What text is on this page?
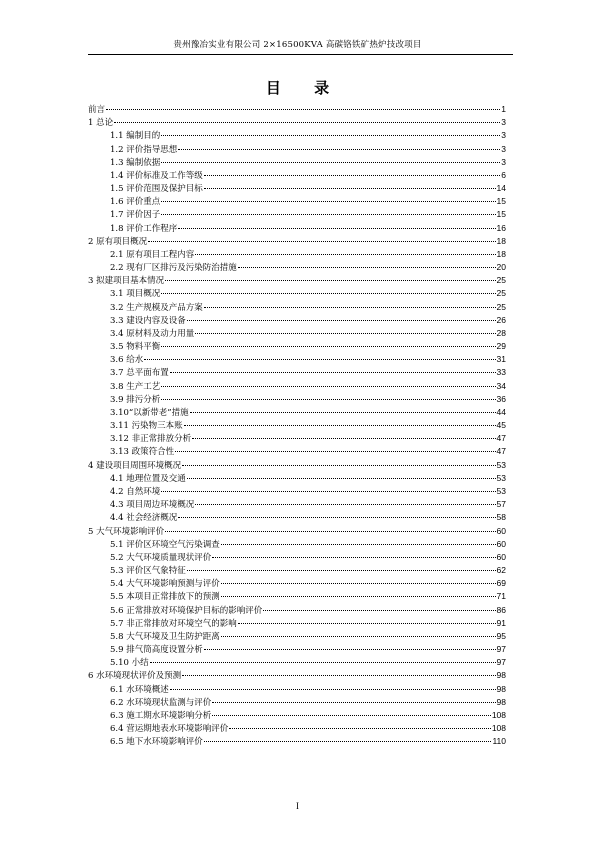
贵州豫冶实业有限公司 2×16500KVA 高碳铬铁矿热炉技改项目
目 录
前言	1
1 总论	3
1.1 编制目的	3
1.2 评价指导思想	3
1.3 编制依据	3
1.4 评价标准及工作等级	6
1.5 评价范围及保护目标	14
1.6 评价重点	15
1.7 评价因子	15
1.8 评价工作程序	16
2 原有项目概况	18
2.1 原有项目工程内容	18
2.2 现有厂区排污及污染防治措施	20
3 拟建项目基本情况	25
3.1 项目概况	25
3.2 生产规模及产品方案	25
3.3 建设内容及设备	26
3.4 原材料及动力用量	28
3.5 物料平衡	29
3.6 给水	31
3.7 总平面布置	33
3.8 生产工艺	34
3.9 排污分析	36
3.10“以新带老”措施	44
3.11 污染物三本账	45
3.12 非正常排放分析	47
3.13 政策符合性	47
4 建设项目周围环境概况	53
4.1 地理位置及交通	53
4.2 自然环境	53
4.3 项目周边环境概况	57
4.4 社会经济概况	58
5 大气环境影响评价	60
5.1 评价区环境空气污染调查	60
5.2 大气环境质量现状评价	60
5.3 评价区气象特征	62
5.4 大气环境影响预测与评价	69
5.5 本项目正常排放下的预测	71
5.6 正常排放对环境保护目标的影响评价	86
5.7 非正常排放对环境空气的影响	91
5.8 大气环境及卫生防护距离	95
5.9 排气筒高度设置分析	97
5.10 小结	97
6 水环境现状评价及预测	98
6.1 水环境概述	98
6.2 水环境现状监测与评价	98
6.3 施工期水环境影响分析	108
6.4 营运期地表水环境影响评价	108
6.5 地下水环境影响评价	110
I
